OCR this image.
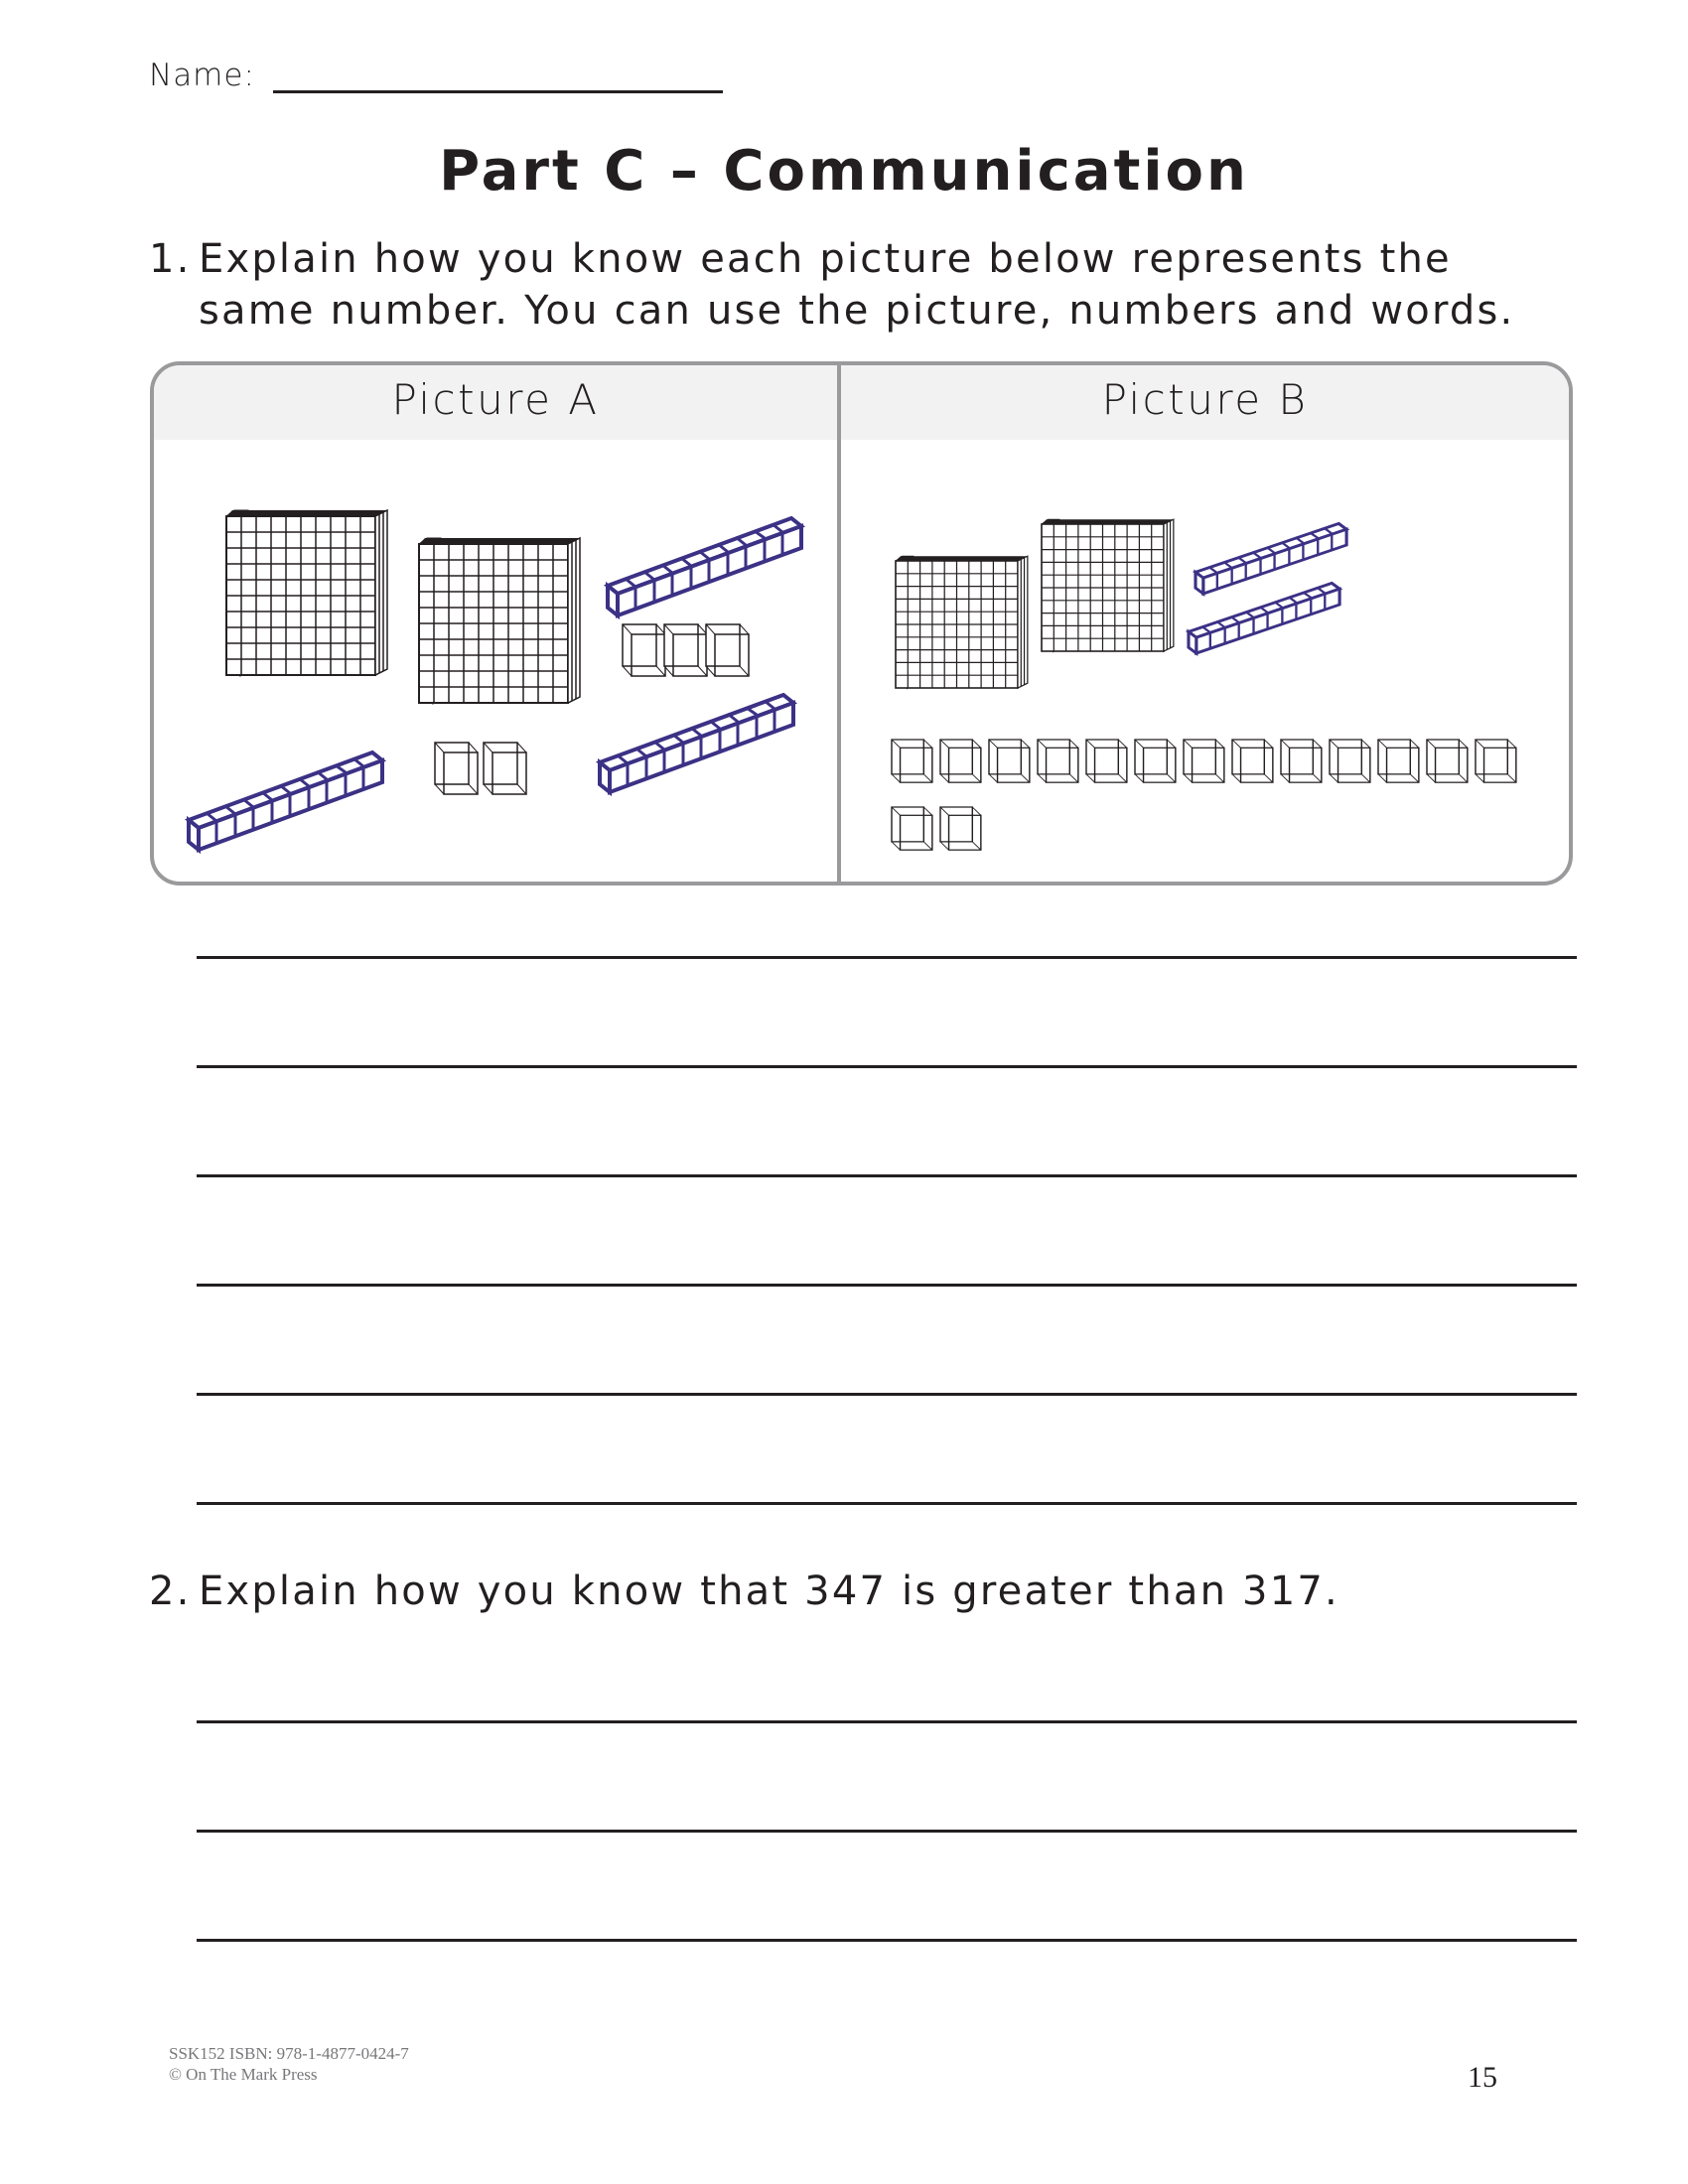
Name:
Part C – Communication
1. Explain how you know each picture below represents the
same number. You can use the picture, numbers and words.
Picture A	Picture B
2. Explain how you know that 347 is greater than 317.
SSK152 ISBN: 978-1-4877-0424-7
© On The Mark Press	15
